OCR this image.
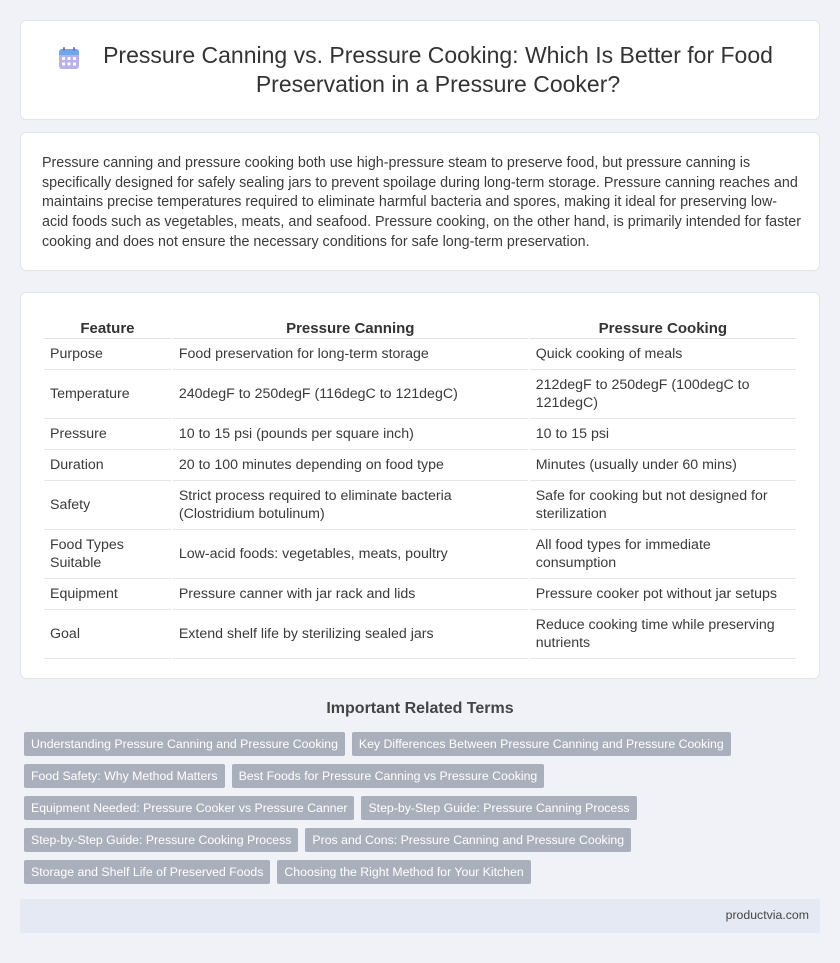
Pressure Canning vs. Pressure Cooking: Which Is Better for Food Preservation in a Pressure Cooker?

Pressure canning and pressure cooking both use high-pressure steam to preserve food, but pressure canning is specifically designed for safely sealing jars to prevent spoilage during long-term storage. Pressure canning reaches and maintains precise temperatures required to eliminate harmful bacteria and spores, making it ideal for preserving low-acid foods such as vegetables, meats, and seafood. Pressure cooking, on the other hand, is primarily intended for faster cooking and does not ensure the necessary conditions for safe long-term preservation.

Feature	Pressure Canning	Pressure Cooking
Purpose	Food preservation for long-term storage	Quick cooking of meals
Temperature	240degF to 250degF (116degC to 121degC)	212degF to 250degF (100degC to 121degC)
Pressure	10 to 15 psi (pounds per square inch)	10 to 15 psi
Duration	20 to 100 minutes depending on food type	Minutes (usually under 60 mins)
Safety	Strict process required to eliminate bacteria (Clostridium botulinum)	Safe for cooking but not designed for sterilization
Food Types Suitable	Low-acid foods: vegetables, meats, poultry	All food types for immediate consumption
Equipment	Pressure canner with jar rack and lids	Pressure cooker pot without jar setups
Goal	Extend shelf life by sterilizing sealed jars	Reduce cooking time while preserving nutrients
Important Related Terms
Understanding Pressure Canning and Pressure Cooking	Key Differences Between Pressure Canning and Pressure Cooking
Food Safety: Why Method Matters	Best Foods for Pressure Canning vs Pressure Cooking
Equipment Needed: Pressure Cooker vs Pressure Canner	Step-by-Step Guide: Pressure Canning Process
Step-by-Step Guide: Pressure Cooking Process	Pros and Cons: Pressure Canning and Pressure Cooking
Storage and Shelf Life of Preserved Foods	Choosing the Right Method for Your Kitchen
productvia.com
